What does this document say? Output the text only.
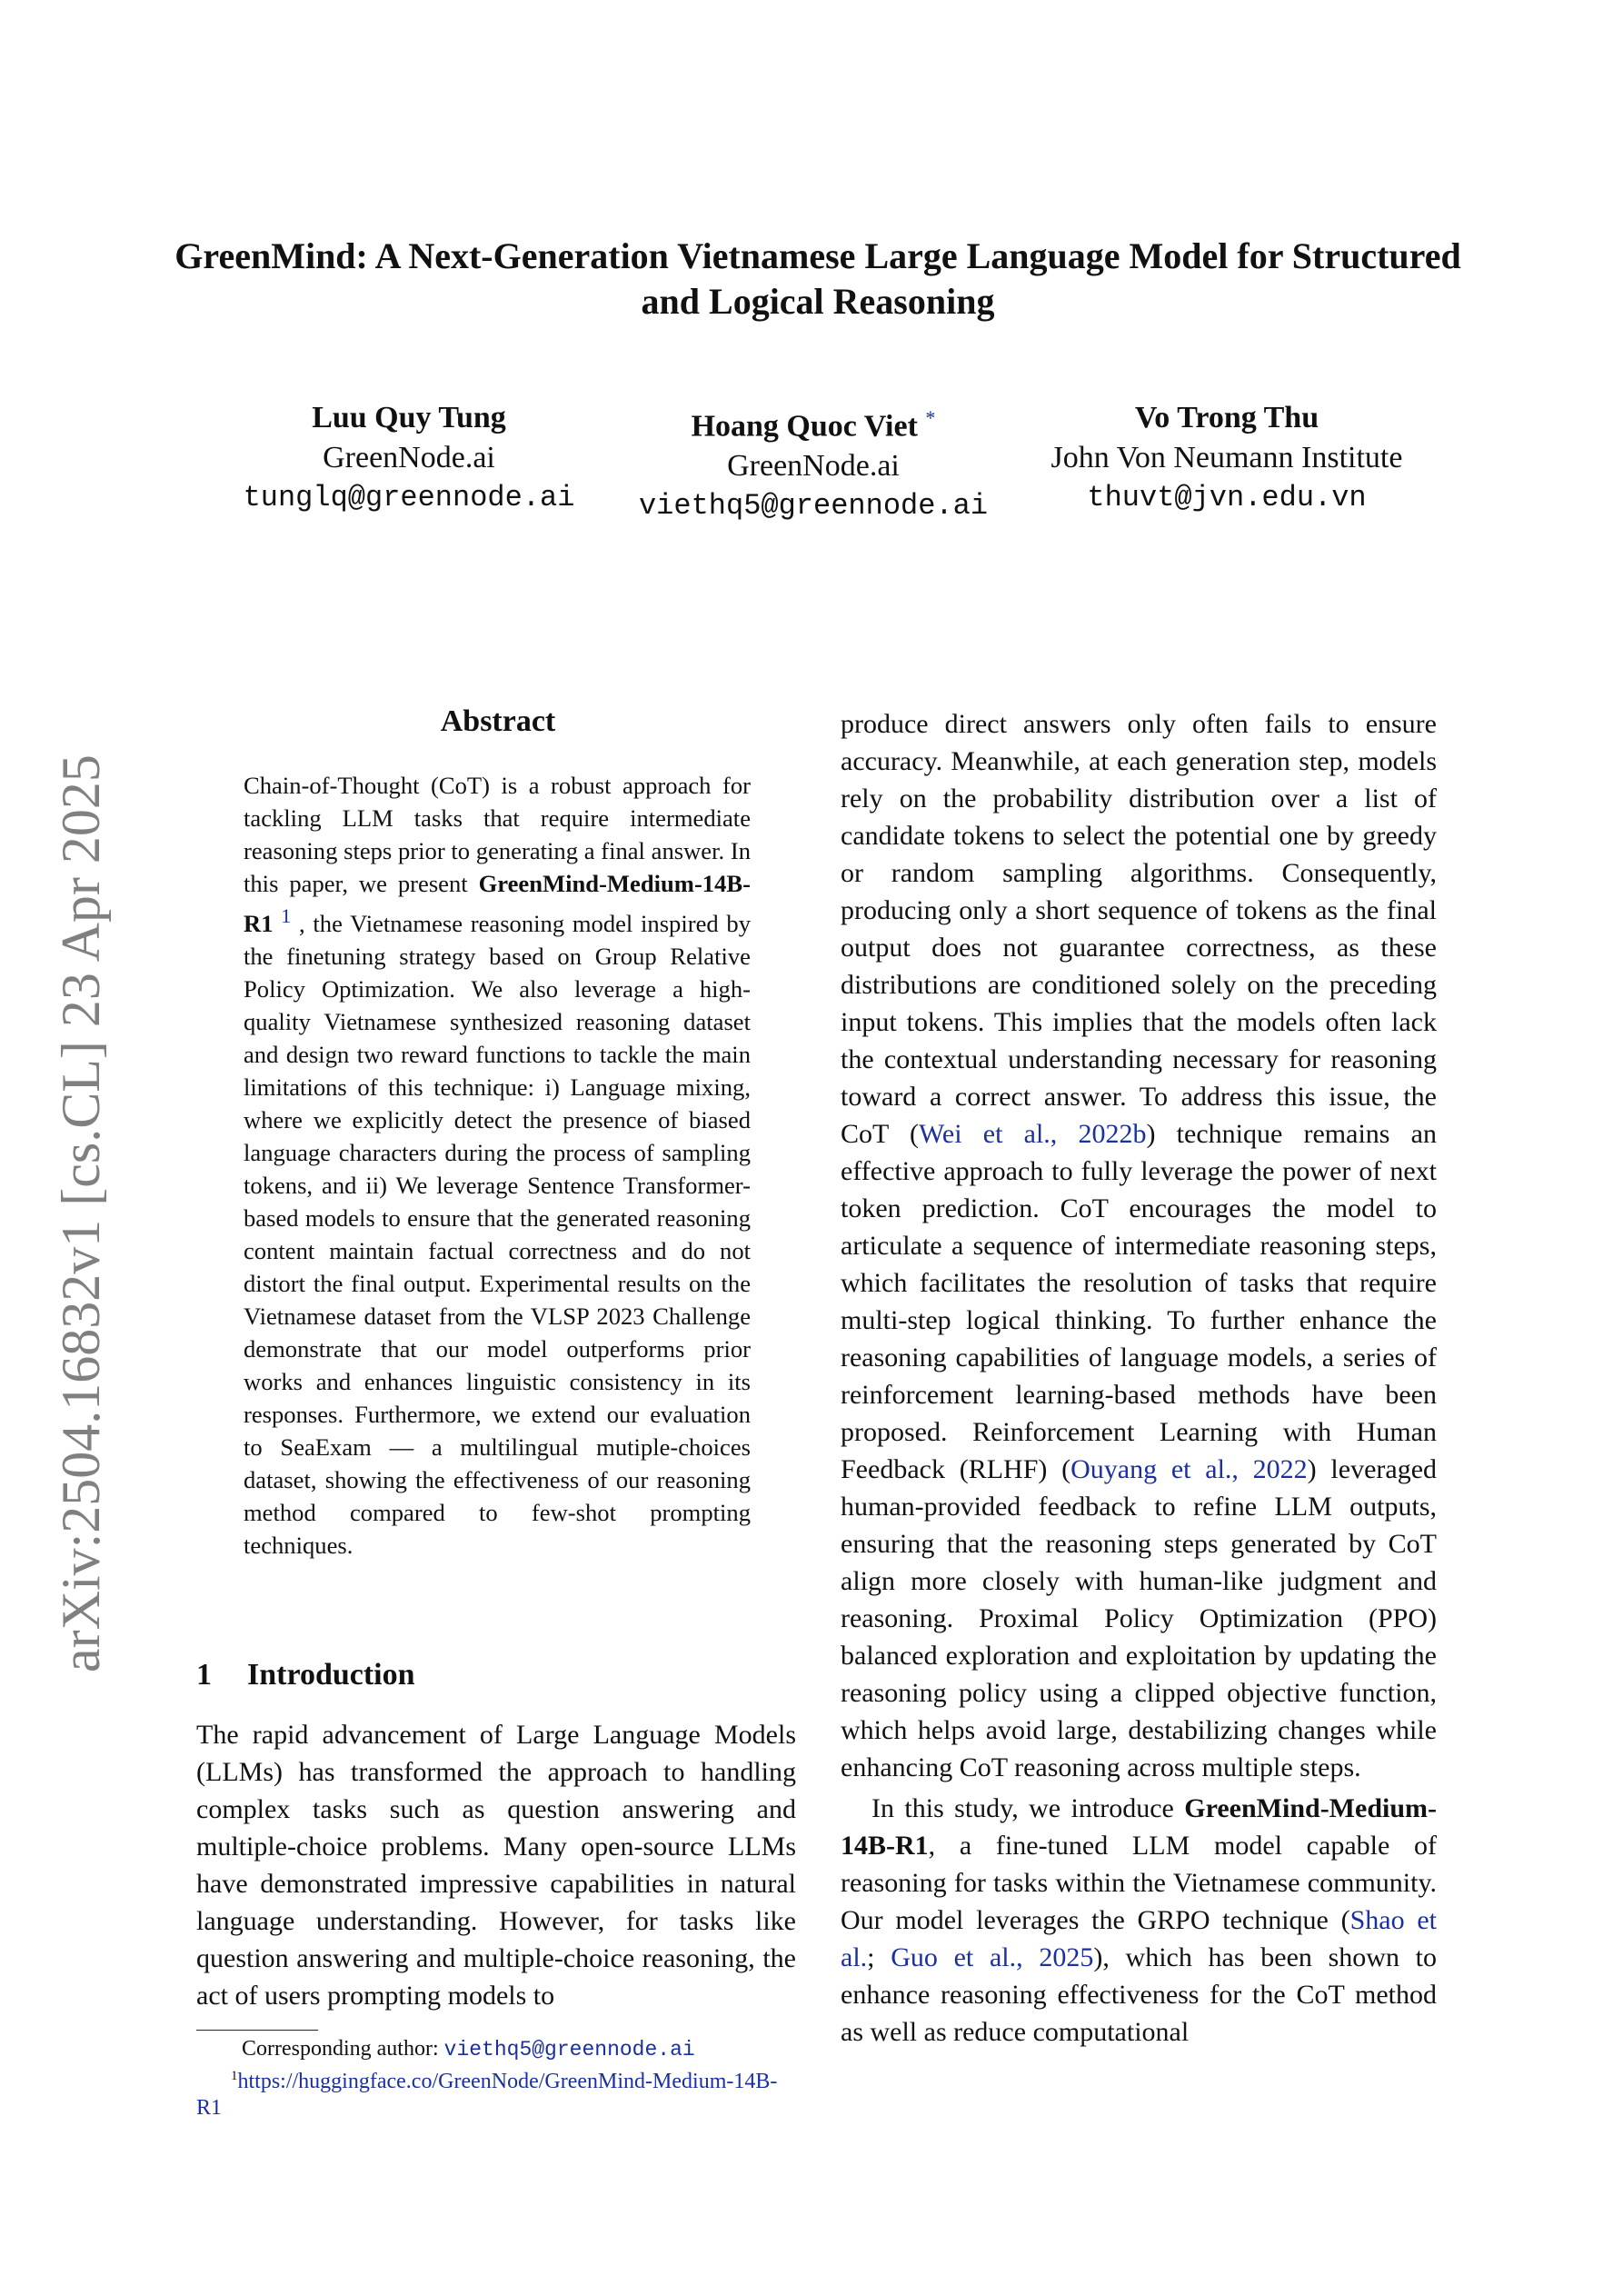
arXiv:2504.16832v1 [cs.CL] 23 Apr 2025
GreenMind: A Next-Generation Vietnamese Large Language Model for Structured and Logical Reasoning
Luu Quy Tung
GreenNode.ai
tunglq@greennode.ai
Hoang Quoc Viet *
GreenNode.ai
viethq5@greennode.ai
Vo Trong Thu
John Von Neumann Institute
thuvt@jvn.edu.vn
Abstract
Chain-of-Thought (CoT) is a robust approach for tackling LLM tasks that require intermediate reasoning steps prior to generating a final answer. In this paper, we present GreenMind-Medium-14B-R1 $^1$ , the Vietnamese reasoning model inspired by the finetuning strategy based on Group Relative Policy Optimization. We also leverage a high-quality Vietnamese synthesized reasoning dataset and design two reward functions to tackle the main limitations of this technique: i) Language mixing, where we explicitly detect the presence of biased language characters during the process of sampling tokens, and ii) We leverage Sentence Transformer-based models to ensure that the generated reasoning content maintain factual correctness and do not distort the final output. Experimental results on the Vietnamese dataset from the VLSP 2023 Challenge demonstrate that our model outperforms prior works and enhances linguistic consistency in its responses. Furthermore, we extend our evaluation to SeaExam — a multilingual mutiple-choices dataset, showing the effectiveness of our reasoning method compared to few-shot prompting techniques.
1 Introduction
The rapid advancement of Large Language Models (LLMs) has transformed the approach to handling complex tasks such as question answering and multiple-choice problems. Many open-source LLMs have demonstrated impressive capabilities in natural language understanding. However, for tasks like question answering and multiple-choice reasoning, the act of users prompting models to
Corresponding author: viethq5@greennode.ai
$^1$https://huggingface.co/GreenNode/GreenMind-Medium-14B-R1

produce direct answers only often fails to ensure accuracy. Meanwhile, at each generation step, models rely on the probability distribution over a list of candidate tokens to select the potential one by greedy or random sampling algorithms. Consequently, producing only a short sequence of tokens as the final output does not guarantee correctness, as these distributions are conditioned solely on the preceding input tokens. This implies that the models often lack the contextual understanding necessary for reasoning toward a correct answer. To address this issue, the CoT (Wei et al., 2022b) technique remains an effective approach to fully leverage the power of next token prediction. CoT encourages the model to articulate a sequence of intermediate reasoning steps, which facilitates the resolution of tasks that require multi-step logical thinking. To further enhance the reasoning capabilities of language models, a series of reinforcement learning-based methods have been proposed. Reinforcement Learning with Human Feedback (RLHF) (Ouyang et al., 2022) leveraged human-provided feedback to refine LLM outputs, ensuring that the reasoning steps generated by CoT align more closely with human-like judgment and reasoning. Proximal Policy Optimization (PPO) balanced exploration and exploitation by updating the reasoning policy using a clipped objective function, which helps avoid large, destabilizing changes while enhancing CoT reasoning across multiple steps.

In this study, we introduce GreenMind-Medium-14B-R1, a fine-tuned LLM model capable of reasoning for tasks within the Vietnamese community. Our model leverages the GRPO technique (Shao et al.; Guo et al., 2025), which has been shown to enhance reasoning effectiveness for the CoT method as well as reduce computational
